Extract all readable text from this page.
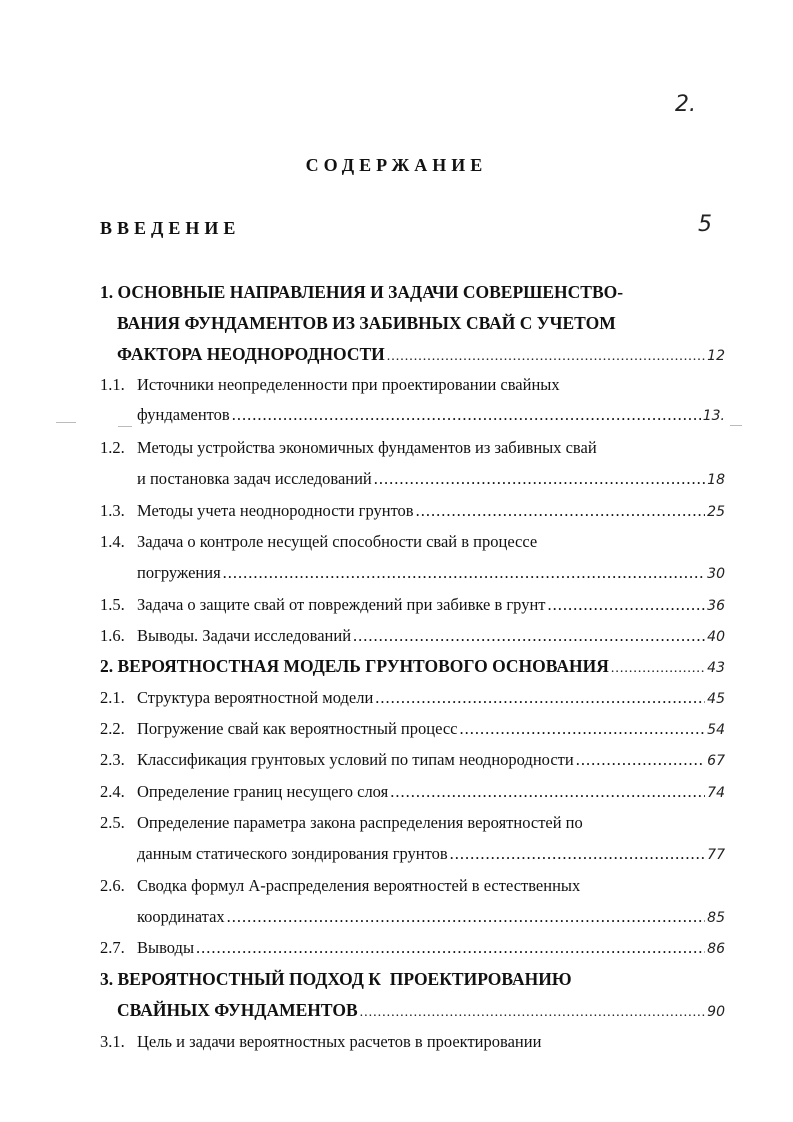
2.
СОДЕРЖАНИЕ
ВВЕДЕНИЕ	5
1. ОСНОВНЫЕ НАПРАВЛЕНИЯ И ЗАДАЧИ СОВЕРШЕНСТВО-
ВАНИЯ ФУНДАМЕНТОВ ИЗ ЗАБИВНЫХ СВАЙ С УЧЕТОМ
ФАКТОРА НЕОДНОРОДНОСТИ .....	12
1.1. Источники неопределенности при проектировании свайных
фундаментов .....	13.
1.2. Методы устройства экономичных фундаментов из забивных свай
и постановка задач исследований .....	18
1.3. Методы учета неоднородности грунтов .....	25
1.4. Задача о контроле несущей способности свай в процессе
погружения .....	30
1.5. Задача о защите свай от повреждений при забивке в грунт .....	36
1.6. Выводы. Задачи исследований .....	40
2. ВЕРОЯТНОСТНАЯ МОДЕЛЬ ГРУНТОВОГО ОСНОВАНИЯ .....	43
2.1. Структура вероятностной модели .....	45
2.2. Погружение свай как вероятностный процесс .....	54
2.3. Классификация грунтовых условий по типам неоднородности .....	67
2.4. Определение границ несущего слоя .....	74
2.5. Определение параметра закона распределения вероятностей по
данным статического зондирования грунтов .....	77
2.6. Сводка формул А-распределения вероятностей в естественных
координатах .....	85
2.7. Выводы .....	86
3. ВЕРОЯТНОСТНЫЙ ПОДХОД К  ПРОЕКТИРОВАНИЮ
СВАЙНЫХ ФУНДАМЕНТОВ .....	90
3.1. Цель и задачи вероятностных расчетов в проектировании
